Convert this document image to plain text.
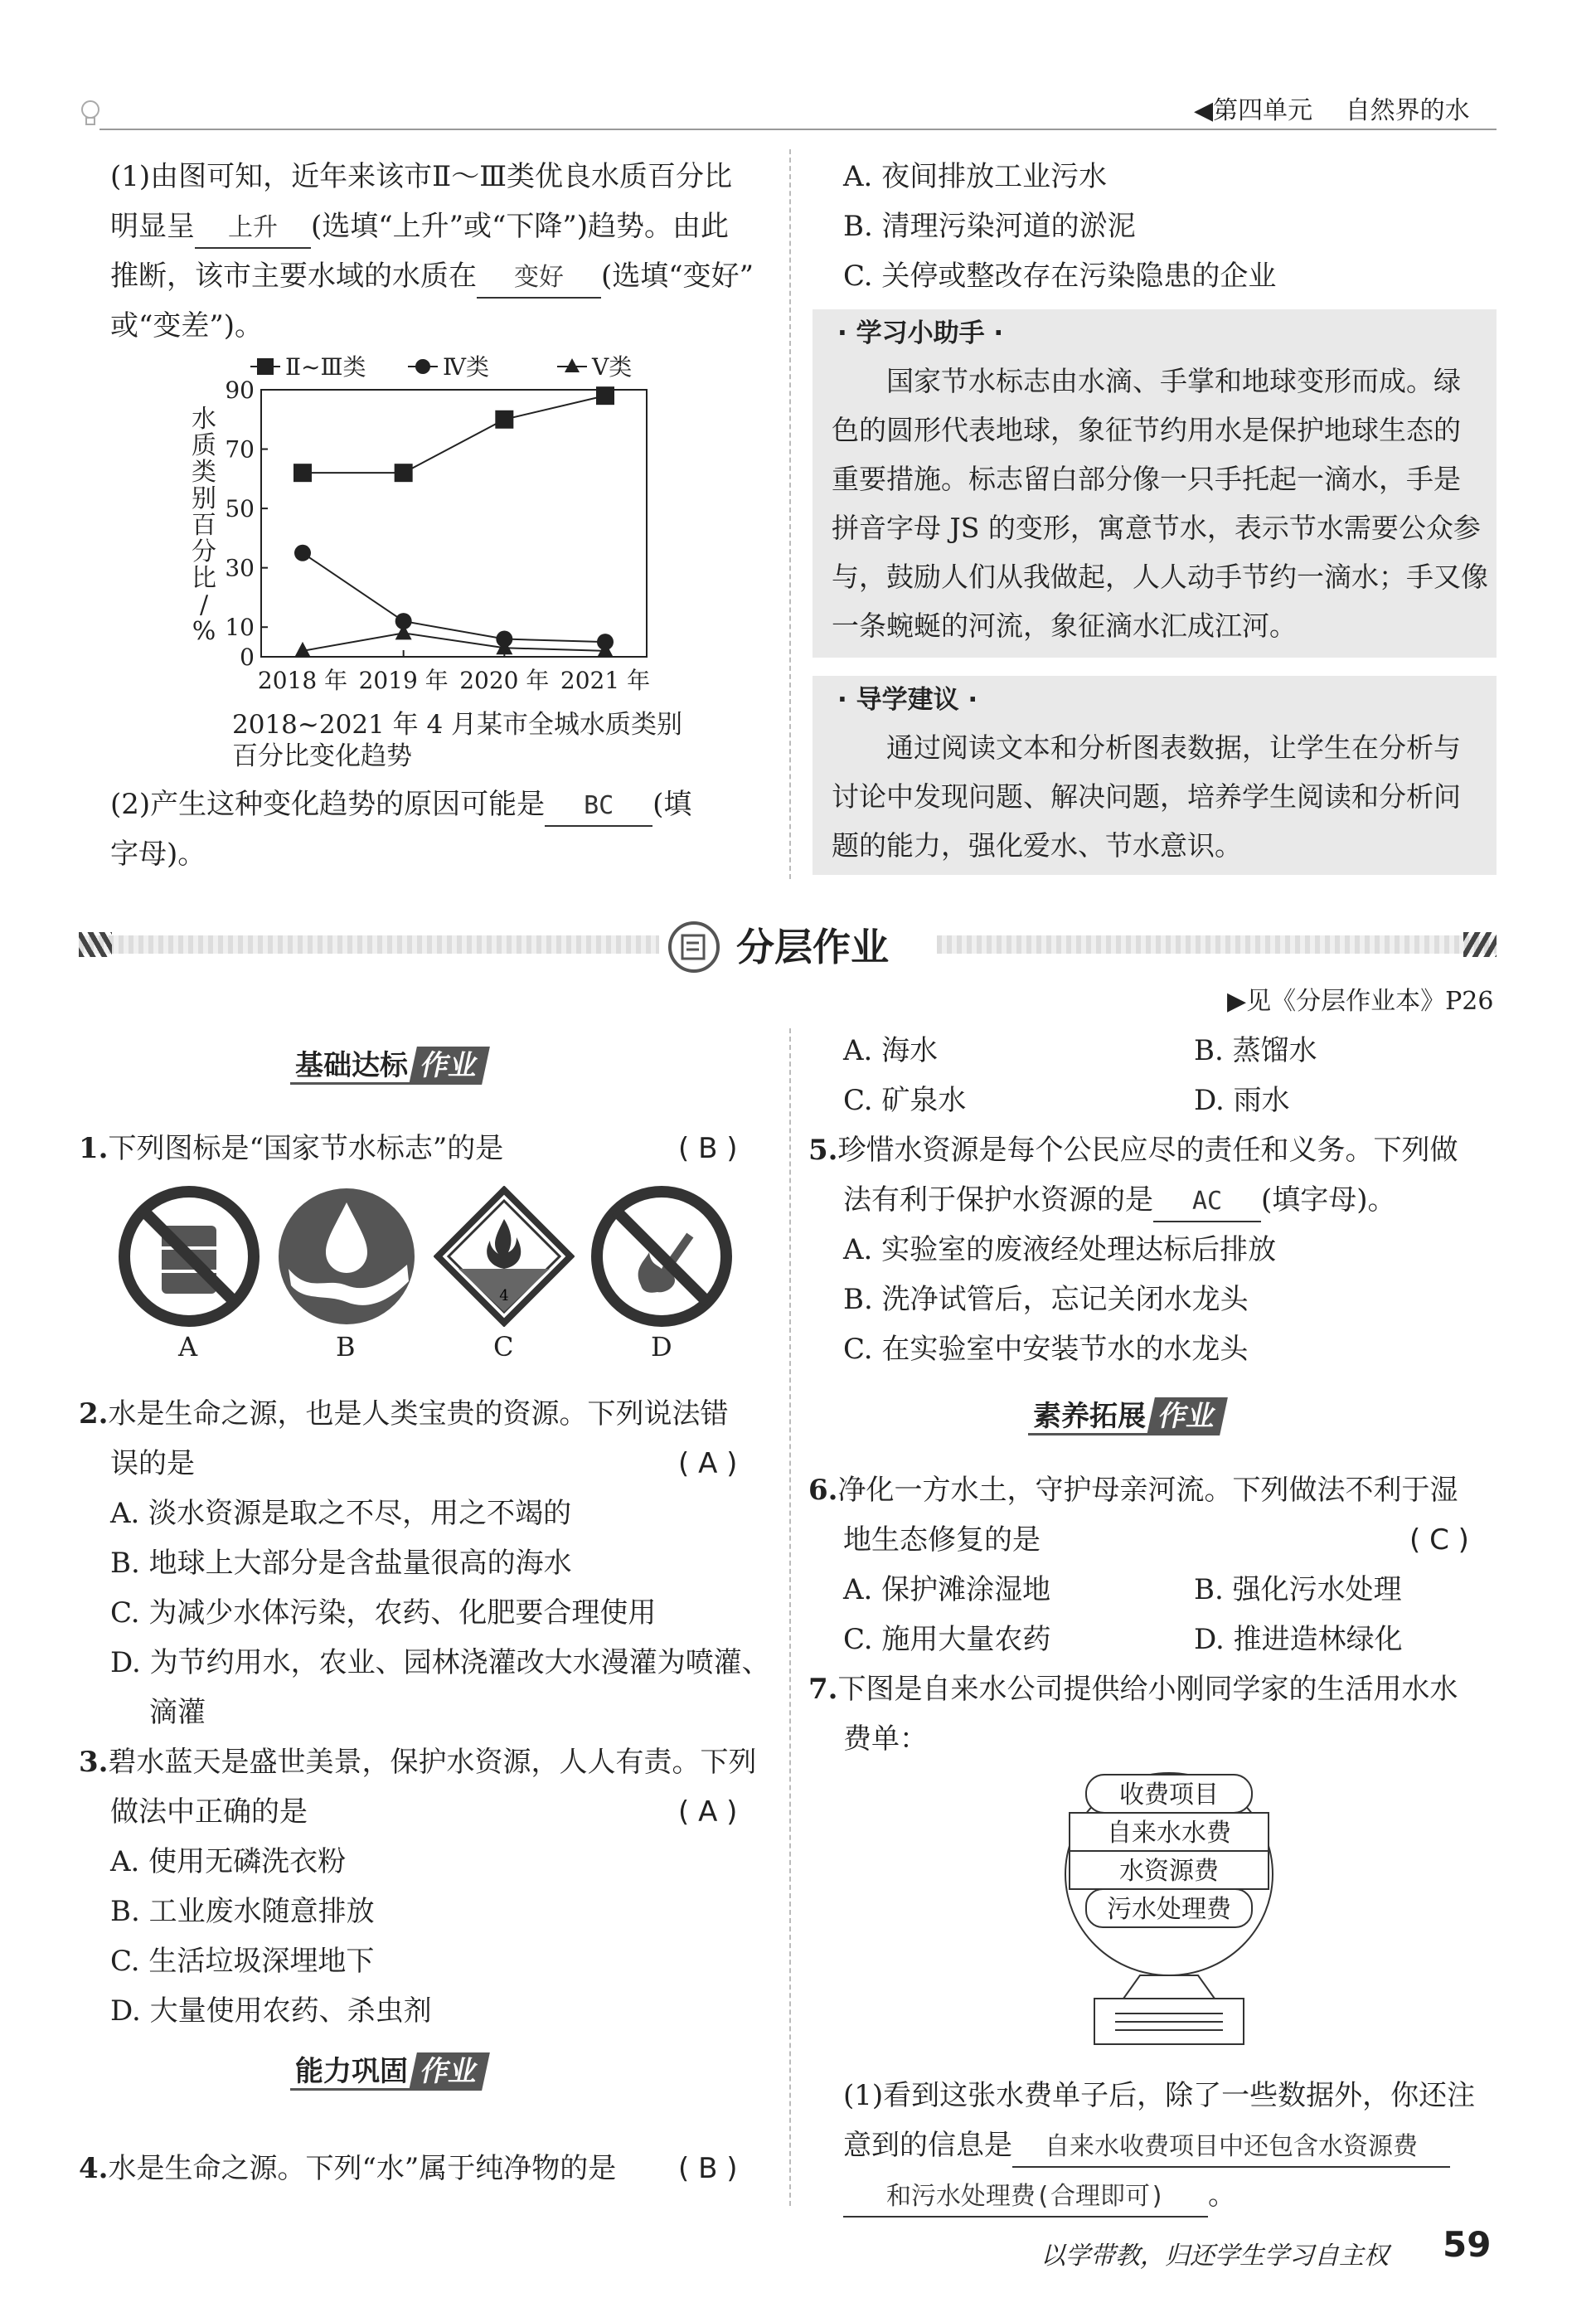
◀第四单元 自然界的水
(1)由图可知，近年来该市Ⅱ～Ⅲ类优良水质百分比
明显呈 上升 (选填“上升”或“下降”)趋势。由此
推断，该市主要水域的水质在 变好 (选填“变好”
或“变差”)。
0
10
30
50
70
90
2018 年 2019 年 2020 年 2021 年
Ⅱ~Ⅲ类	Ⅳ类	Ⅴ类
水
质
类
别
百
分
比
/
%
2018~2021 年 4 月某市全城水质类别
百分比变化趋势
(2)产生这种变化趋势的原因可能是 BC (填
字母)。
A. 夜间排放工业污水
B. 清理污染河道的淤泥
C. 关停或整改存在污染隐患的企业
· 学习小助手 ·
国家节水标志由水滴、手掌和地球变形而成。绿
色的圆形代表地球，象征节约用水是保护地球生态的
重要措施。标志留白部分像一只手托起一滴水，手是
拼音字母 JS 的变形，寓意节水，表示节水需要公众参
与，鼓励人们从我做起，人人动手节约一滴水；手又像
一条蜿蜒的河流，象征滴水汇成江河。
· 导学建议 ·
通过阅读文本和分析图表数据，让学生在分析与
讨论中发现问题、解决问题，培养学生阅读和分析问
题的能力，强化爱水、节水意识。
分层作业
▶见《分层作业本》P26
基础达标 作业
1.下列图标是“国家节水标志”的是	( B )
4
A	B	C	D
2.水是生命之源，也是人类宝贵的资源。下列说法错
误的是	( A )
A. 淡水资源是取之不尽，用之不竭的
B. 地球上大部分是含盐量很高的海水
C. 为减少水体污染，农药、化肥要合理使用
D. 为节约用水，农业、园林浇灌改大水漫灌为喷灌、
滴灌
3.碧水蓝天是盛世美景，保护水资源，人人有责。下列
做法中正确的是	( A )
A. 使用无磷洗衣粉
B. 工业废水随意排放
C. 生活垃圾深埋地下
D. 大量使用农药、杀虫剂
能力巩固 作业
4.水是生命之源。下列“水”属于纯净物的是 ( B )
A. 海水	B. 蒸馏水
C. 矿泉水	D. 雨水
5.珍惜水资源是每个公民应尽的责任和义务。下列做
法有利于保护水资源的是 AC (填字母)。
A. 实验室的废液经处理达标后排放
B. 洗净试管后，忘记关闭水龙头
C. 在实验室中安装节水的水龙头
素养拓展 作业
6.净化一方水土，守护母亲河流。下列做法不利于湿
地生态修复的是	( C )
A. 保护滩涂湿地	B. 强化污水处理
C. 施用大量农药	D. 推进造林绿化
7.下图是自来水公司提供给小刚同学家的生活用水水
费单：
收费项目
自来水水费
水资源费
污水处理费
(1)看到这张水费单子后，除了一些数据外，你还注
意到的信息是 自来水收费项目中还包含水资源费
和污水处理费(合理即可) 。
以学带教，归还学生学习自主权 59
